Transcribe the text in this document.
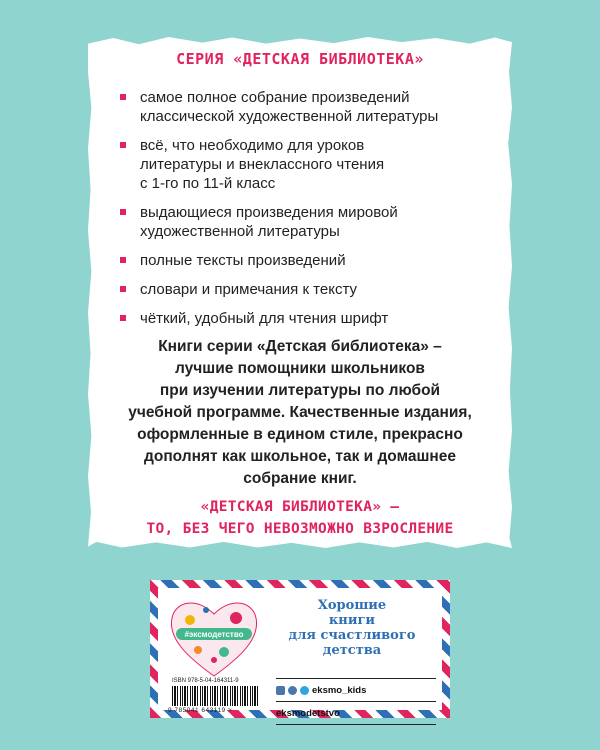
СЕРИЯ «ДЕТСКАЯ БИБЛИОТЕКА»
самое полное собрание произведений
классической художественной литературы
всё, что необходимо для уроков
литературы и внеклассного чтения
с 1-го по 11-й класс
выдающиеся произведения мировой
художественной литературы
полные тексты произведений
словари и примечания к тексту
чёткий, удобный для чтения шрифт
Книги серии «Детская библиотека» –
лучшие помощники школьников
при изучении литературы по любой
учебной программе. Качественные издания,
оформленные в едином стиле, прекрасно
дополнят как школьное, так и домашнее
собрание книг.
«ДЕТСКАЯ БИБЛИОТЕКА» –
ТО, БЕЗ ЧЕГО НЕВОЗМОЖНО ВЗРОСЛЕНИЕ
#эксмодетство
Хорошие
книги
для счастливого
детства
ISBN 978-5-04-164311-9
9 785041 643119 >
eksmo_kids
eksmodetstvo
